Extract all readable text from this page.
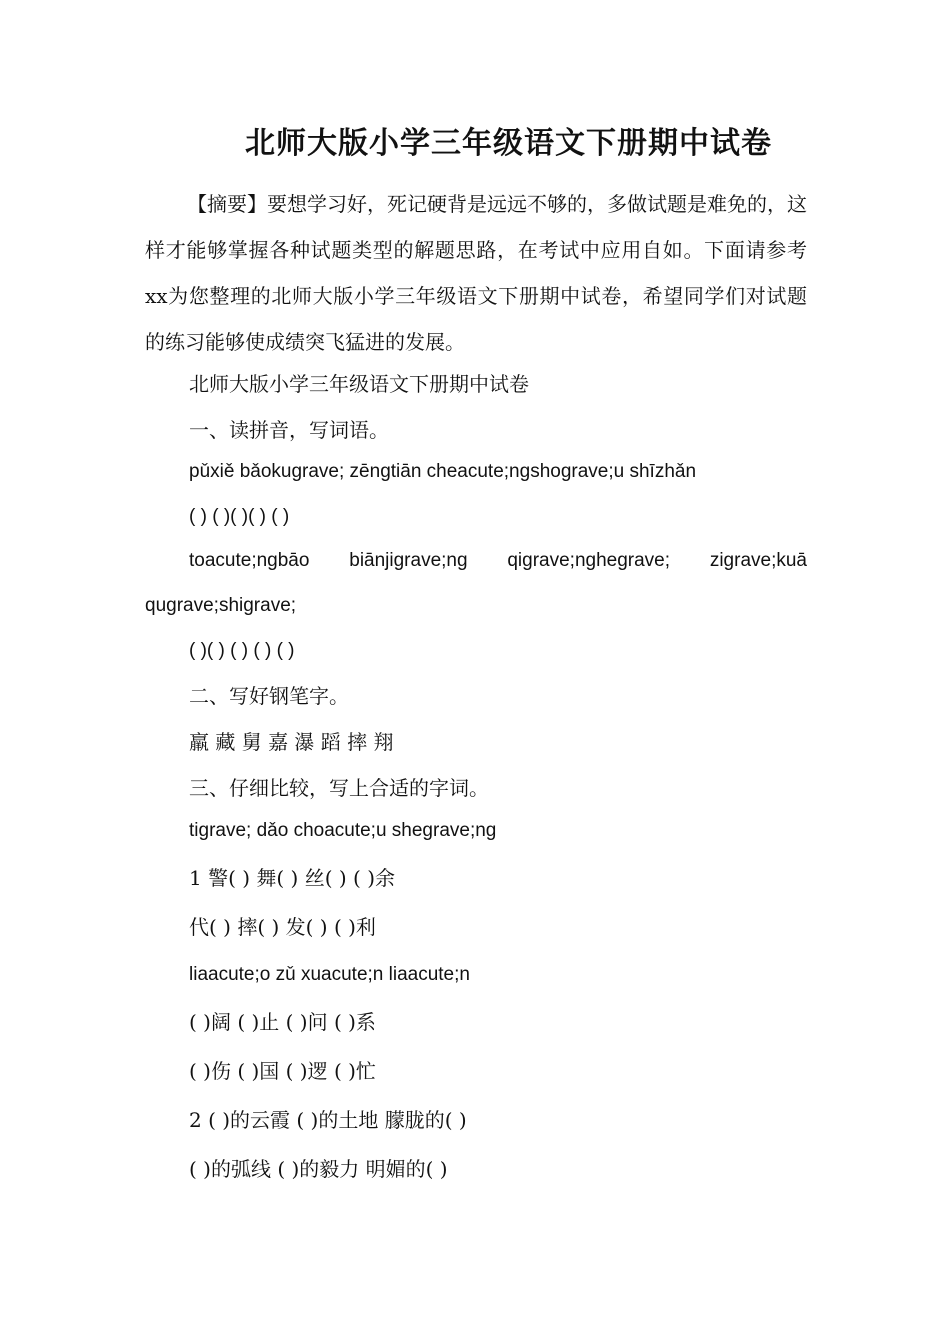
北师大版小学三年级语文下册期中试卷

【摘要】要想学习好，死记硬背是远远不够的，多做试题是难免的，这样才能够掌握各种试题类型的解题思路，在考试中应用自如。下面请参考xx为您整理的北师大版小学三年级语文下册期中试卷，希望同学们对试题的练习能够使成绩突飞猛进的发展。

北师大版小学三年级语文下册期中试卷

一、读拼音，写词语。

pǔxiě bǎokugrave; zēngtiān cheacute;ngshograve;u shīzhǎn

( ) ( )( )( ) ( )

toacute;ngbāo biānjigrave;ng qigrave;nghegrave; zigrave;kuā

qugrave;shigrave;

( )( ) ( ) ( ) ( )

二、写好钢笔字。

羸 藏 舅 嘉 瀑 蹈 摔 翔

三、仔细比较，写上合适的字词。

tigrave; dǎo choacute;u shegrave;ng

1 警( ) 舞( ) 丝( ) ( )余

代( ) 摔( ) 发( ) ( )利

liaacute;o zǔ xuacute;n liaacute;n

( )阔 ( )止 ( )问 ( )系

( )伤 ( )国 ( )逻 ( )忙

2 ( )的云霞 ( )的土地 朦胧的( )

( )的弧线 ( )的毅力 明媚的( )
